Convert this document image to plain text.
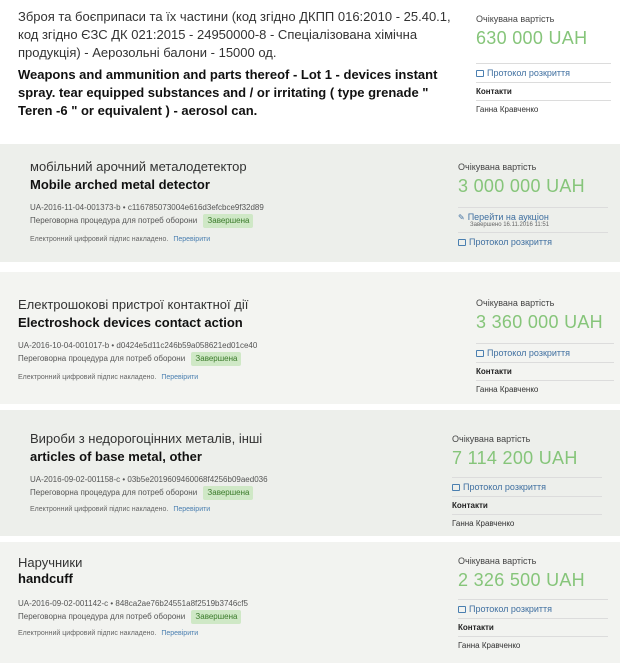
Зброя та боєприпаси та їх частини (код згідно ДКПП 016:2010 - 25.40.1, код згідно ЄЗС ДК 021:2015 - 24950000-8 - Спеціалізована хімічна продукція) - Аерозольні балони - 15000 од.
Weapons and ammunition and parts thereof - Lot 1 - devices instant spray. tear equipped substances and / or irritating ( type grenade " Teren -6 " or equivalent ) - aerosol can.
Очікувана вартість
630 000 UAH
Протокол розкриття
Контакти
Ганна Кравченко
мобільний арочний металодетектор
Mobile arched metal detector
UA-2016-11-04-001373-b • c116785073004e616d3efcbce9f32d89
Переговорна процедура для потреб оборони Завершена
Електронний цифровий підпис накладено. Перевірити
Очікувана вартість
3 000 000 UAH
✎ Перейти на аукціон
Завершено 16.11.2016 11:51
Протокол розкриття
Електрошокові пристрої контактної дії
Electroshock devices contact action
UA-2016-10-04-001017-b • d0424e5d11c246b59a058621ed01ce40
Переговорна процедура для потреб оборони Завершена
Електронний цифровий підпис накладено. Перевірити
Очікувана вартість
3 360 000 UAH
Протокол розкриття
Контакти
Ганна Кравченко
Вироби з недорогоцінних металів, інші
articles of base metal, other
UA-2016-09-02-001158-c • 03b5e2019609460068f4256b09aed036
Переговорна процедура для потреб оборони Завершена
Електронний цифровий підпис накладено. Перевірити
Очікувана вартість
7 114 200 UAH
Протокол розкриття
Контакти
Ганна Кравченко
Наручники
handcuff
UA-2016-09-02-001142-c • 848ca2ae76b24551a8f2519b3746cf5
Переговорна процедура для потреб оборони Завершена
Електронний цифровий підпис накладено. Перевірити
Очікувана вартість
2 326 500 UAH
Протокол розкриття
Контакти
Ганна Кравченко
